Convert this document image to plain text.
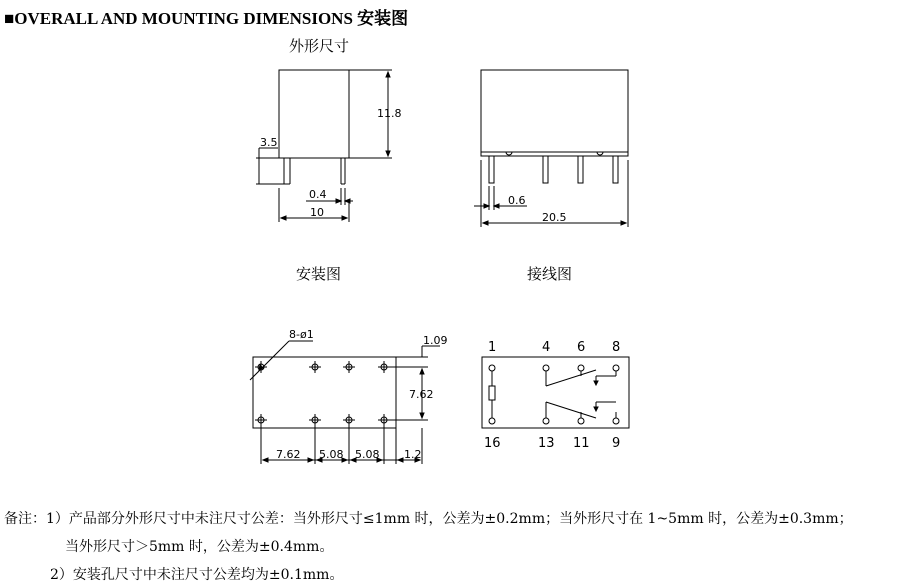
■OVERALL AND MOUNTING DIMENSIONS 安装图
外形尺寸
安装图	接线图
11.8
3.5
0.4
10
0.6
20.5
8-ø1	1.09
7.62
7.62 5.08 5.08 1.2
1	4 6 8
16	13 11 9
备注：1）产品部分外形尺寸中未注尺寸公差：当外形尺寸≤1mm 时，公差为±0.2mm；当外形尺寸在 1~5mm 时，公差为±0.3mm；
当外形尺寸＞5mm 时，公差为±0.4mm。
2）安装孔尺寸中未注尺寸公差均为±0.1mm。
